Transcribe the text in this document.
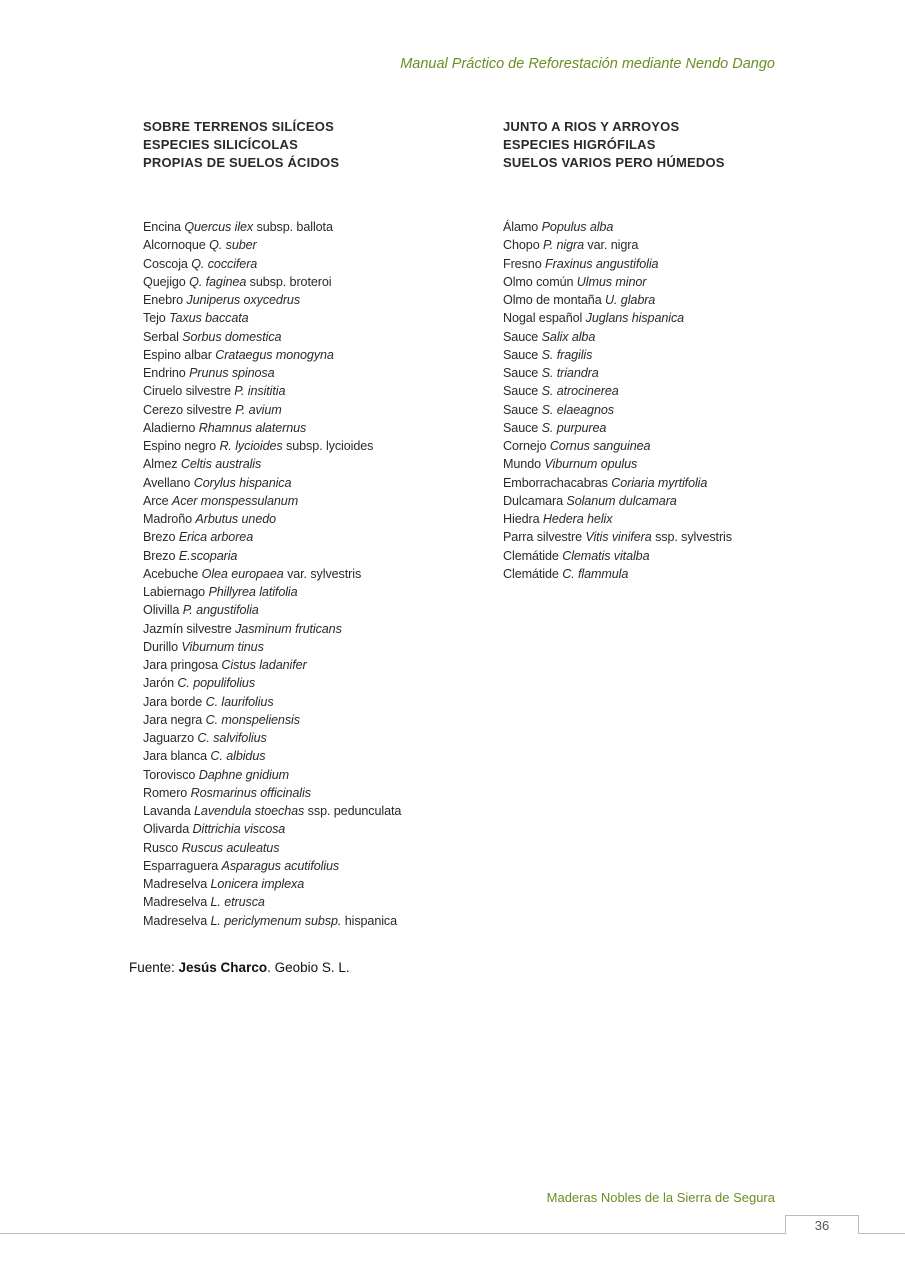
Manual Práctico de Reforestación mediante Nendo Dango

SOBRE TERRENOS SILÍCEOS

ESPECIES SILICÍCOLAS

PROPIAS DE SUELOS ÁCIDOS

Encina Quercus ilex subsp. ballota
Alcornoque Q. suber
Coscoja Q. coccifera
Quejigo Q. faginea subsp. broteroi
Enebro Juniperus oxycedrus
Tejo Taxus baccata
Serbal Sorbus domestica
Espino albar Crataegus monogyna
Endrino Prunus spinosa
Ciruelo silvestre P. insititia
Cerezo silvestre P. avium
Aladierno Rhamnus alaternus
Espino negro R. lycioides subsp. lycioides
Almez Celtis australis
Avellano Corylus hispanica
Arce Acer monspessulanum
Madroño Arbutus unedo
Brezo Erica arborea
Brezo E.scoparia
Acebuche Olea europaea var. sylvestris
Labiernago Phillyrea latifolia
Olivilla P. angustifolia
Jazmín silvestre Jasminum fruticans
Durillo Viburnum tinus
Jara pringosa Cistus ladanifer
Jarón C. populifolius
Jara borde C. laurifolius
Jara negra C. monspeliensis
Jaguarzo C. salvifolius
Jara blanca C. albidus
Torovisco Daphne gnidium
Romero Rosmarinus officinalis
Lavanda Lavendula stoechas ssp. pedunculata
Olivarda Dittrichia viscosa
Rusco Ruscus aculeatus
Esparraguera Asparagus acutifolius
Madreselva Lonicera implexa
Madreselva L. etrusca
Madreselva L. periclymenum subsp. hispanica

JUNTO A RIOS Y ARROYOS

ESPECIES HIGRÓFILAS

SUELOS VARIOS PERO HÚMEDOS

Álamo Populus alba
Chopo P. nigra var. nigra
Fresno Fraxinus angustifolia
Olmo común Ulmus minor
Olmo de montaña U. glabra
Nogal español Juglans hispanica
Sauce Salix alba
Sauce S. fragilis
Sauce S. triandra
Sauce S. atrocinerea
Sauce S. elaeagnos
Sauce S. purpurea
Cornejo Cornus sanguinea
Mundo Viburnum opulus
Emborrachacabras Coriaria myrtifolia
Dulcamara Solanum dulcamara
Hiedra Hedera helix
Parra silvestre Vitis vinifera ssp. sylvestris
Clemátide Clematis vitalba
Clemátide C. flammula
Fuente: Jesús Charco. Geobio S. L.
Maderas Nobles de la Sierra de Segura
36
